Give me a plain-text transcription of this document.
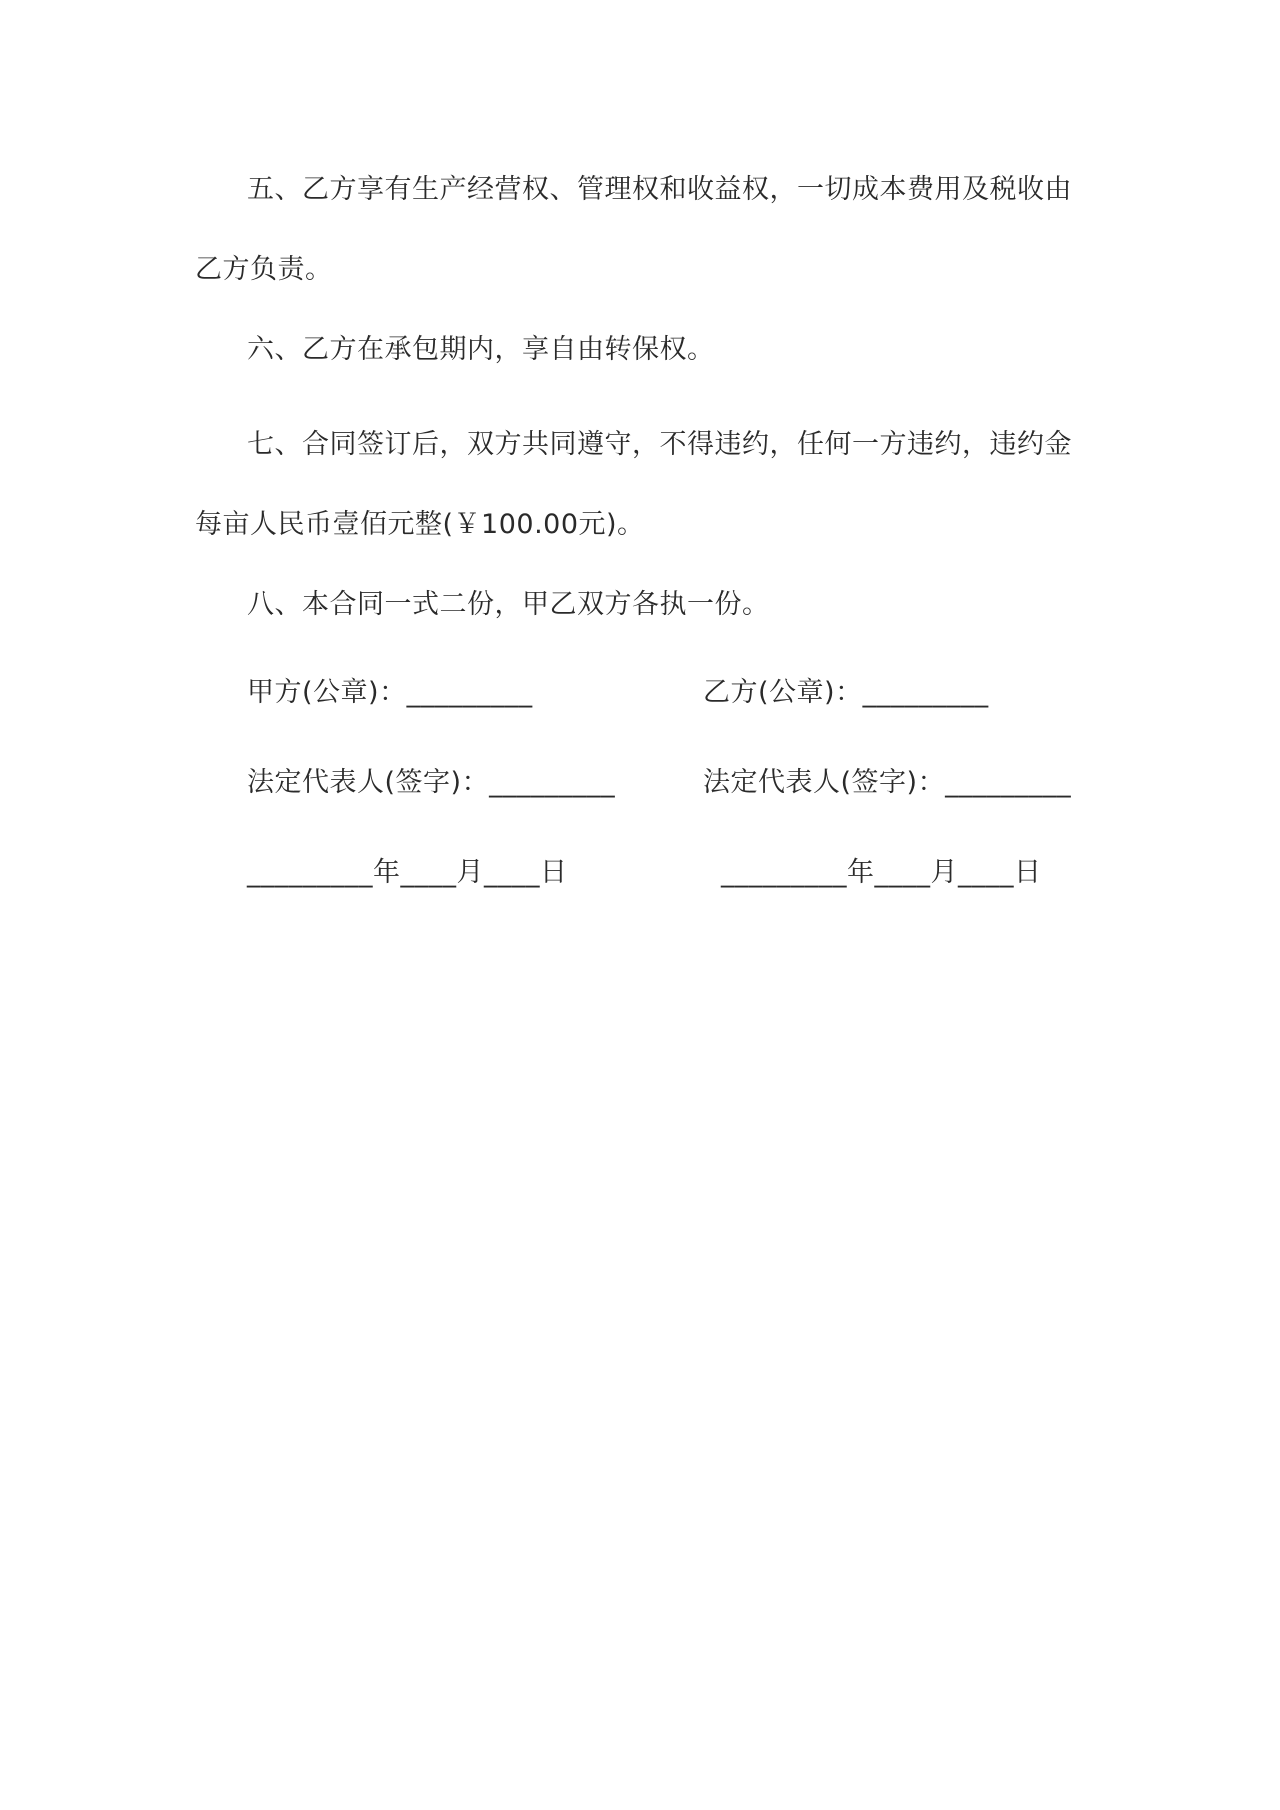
五、乙方享有生产经营权、管理权和收益权，一切成本费用及税收由乙方负责。

六、乙方在承包期内，享自由转保权。

七、合同签订后，双方共同遵守，不得违约，任何一方违约，违约金每亩人民币壹佰元整(￥100.00元)。

八、本合同一式二份，甲乙双方各执一份。

甲方(公章)：_________	乙方(公章)：_________
法定代表人(签字)：_________	法定代表人(签字)：_________
_________年____月____日	_________年____月____日
